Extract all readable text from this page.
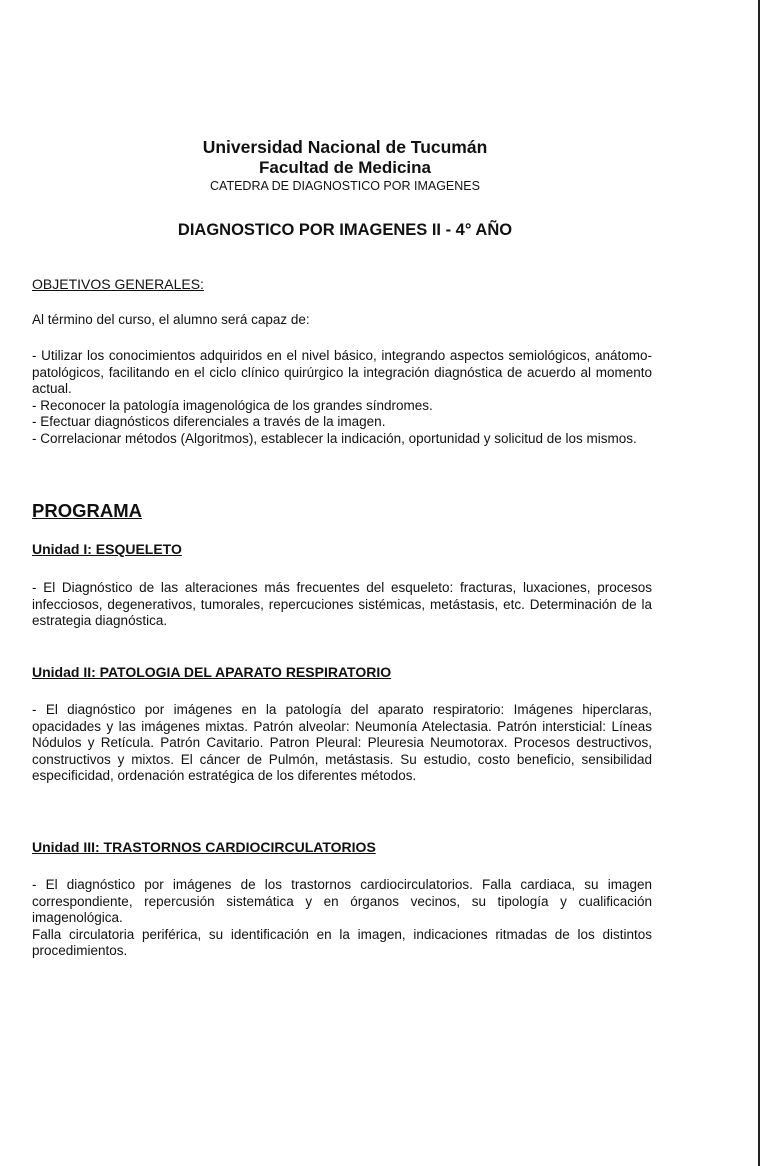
Universidad Nacional de Tucumán
Facultad de Medicina
CATEDRA DE DIAGNOSTICO POR IMAGENES
DIAGNOSTICO POR IMAGENES II - 4° AÑO
OBJETIVOS GENERALES:

Al término del curso, el alumno será capaz de:

- Utilizar los conocimientos adquiridos en el nivel básico, integrando aspectos semiológicos, anátomo-patológicos, facilitando en el ciclo clínico quirúrgico la integración diagnóstica de acuerdo al momento actual.

- Reconocer la patología imagenológica de los grandes síndromes.

- Efectuar diagnósticos diferenciales a través de la imagen.

- Correlacionar métodos (Algoritmos), establecer la indicación, oportunidad y solicitud de los mismos.

PROGRAMA
Unidad I: ESQUELETO

- El Diagnóstico de las alteraciones más frecuentes del esqueleto: fracturas, luxaciones, procesos infecciosos, degenerativos, tumorales, repercuciones sistémicas, metástasis, etc. Determinación de la estrategia diagnóstica.

Unidad II: PATOLOGIA DEL APARATO RESPIRATORIO

- El diagnóstico por imágenes en la patología del aparato respiratorio: Imágenes hiperclaras, opacidades y las imágenes mixtas. Patrón alveolar: Neumonía Atelectasia. Patrón intersticial: Líneas Nódulos y Retícula. Patrón Cavitario. Patron Pleural: Pleuresia Neumotorax. Procesos destructivos, constructivos y mixtos. El cáncer de Pulmón, metástasis. Su estudio, costo beneficio, sensibilidad especificidad, ordenación estratégica de los diferentes métodos.

Unidad III: TRASTORNOS CARDIOCIRCULATORIOS

- El diagnóstico por imágenes de los trastornos cardiocirculatorios. Falla cardiaca, su imagen correspondiente, repercusión sistemática y en órganos vecinos, su tipología y cualificación imagenológica.

Falla circulatoria periférica, su identificación en la imagen, indicaciones ritmadas de los distintos procedimientos.
